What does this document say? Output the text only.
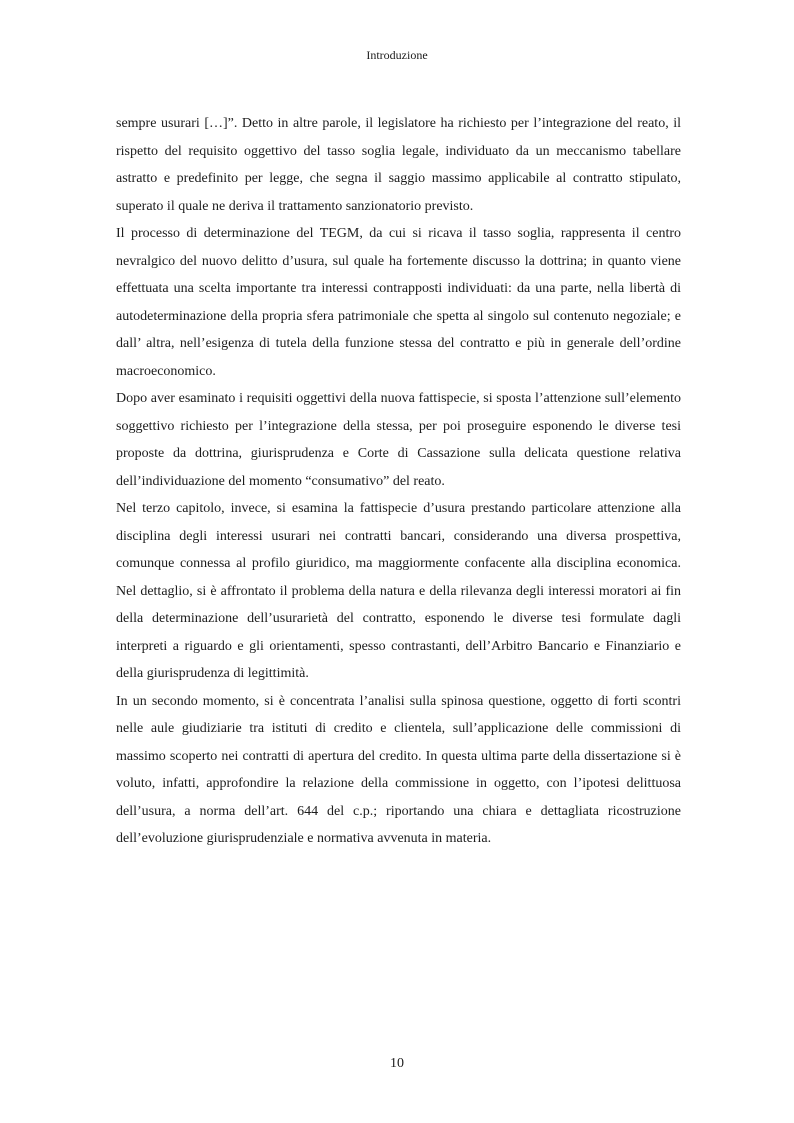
Introduzione

sempre usurari […]”. Detto in altre parole, il legislatore ha richiesto per l’integrazione del reato, il rispetto del requisito oggettivo del tasso soglia legale, individuato da un meccanismo tabellare astratto e predefinito per legge, che segna il saggio massimo applicabile al contratto stipulato, superato il quale ne deriva il trattamento sanzionatorio previsto.

Il processo di determinazione del TEGM, da cui si ricava il tasso soglia, rappresenta il centro nevralgico del nuovo delitto d’usura, sul quale ha fortemente discusso la dottrina; in quanto viene effettuata una scelta importante tra interessi contrapposti individuati: da una parte, nella libertà di autodeterminazione della propria sfera patrimoniale che spetta al singolo sul contenuto negoziale; e dall’ altra, nell’esigenza di tutela della funzione stessa del contratto e più in generale dell’ordine macroeconomico.

Dopo aver esaminato i requisiti oggettivi della nuova fattispecie, si sposta l’attenzione sull’elemento soggettivo richiesto per l’integrazione della stessa, per poi proseguire esponendo le diverse tesi proposte da dottrina, giurisprudenza e Corte di Cassazione sulla delicata questione relativa dell’individuazione del momento “consumativo” del reato.

Nel terzo capitolo, invece, si esamina la fattispecie d’usura prestando particolare attenzione alla disciplina degli interessi usurari nei contratti bancari, considerando una diversa prospettiva, comunque connessa al profilo giuridico, ma maggiormente confacente alla disciplina economica. Nel dettaglio, si è affrontato il problema della natura e della rilevanza degli interessi moratori ai fin della determinazione dell’usurarietà del contratto, esponendo le diverse tesi formulate dagli interpreti a riguardo e gli orientamenti, spesso contrastanti, dell’Arbitro Bancario e Finanziario e della giurisprudenza di legittimità.

In un secondo momento, si è concentrata l’analisi sulla spinosa questione, oggetto di forti scontri nelle aule giudiziarie tra istituti di credito e clientela, sull’applicazione delle commissioni di massimo scoperto nei contratti di apertura del credito. In questa ultima parte della dissertazione si è voluto, infatti, approfondire la relazione della commissione in oggetto, con l’ipotesi delittuosa dell’usura, a norma dell’art. 644 del c.p.; riportando una chiara e dettagliata ricostruzione dell’evoluzione giurisprudenziale e normativa avvenuta in materia.

10
